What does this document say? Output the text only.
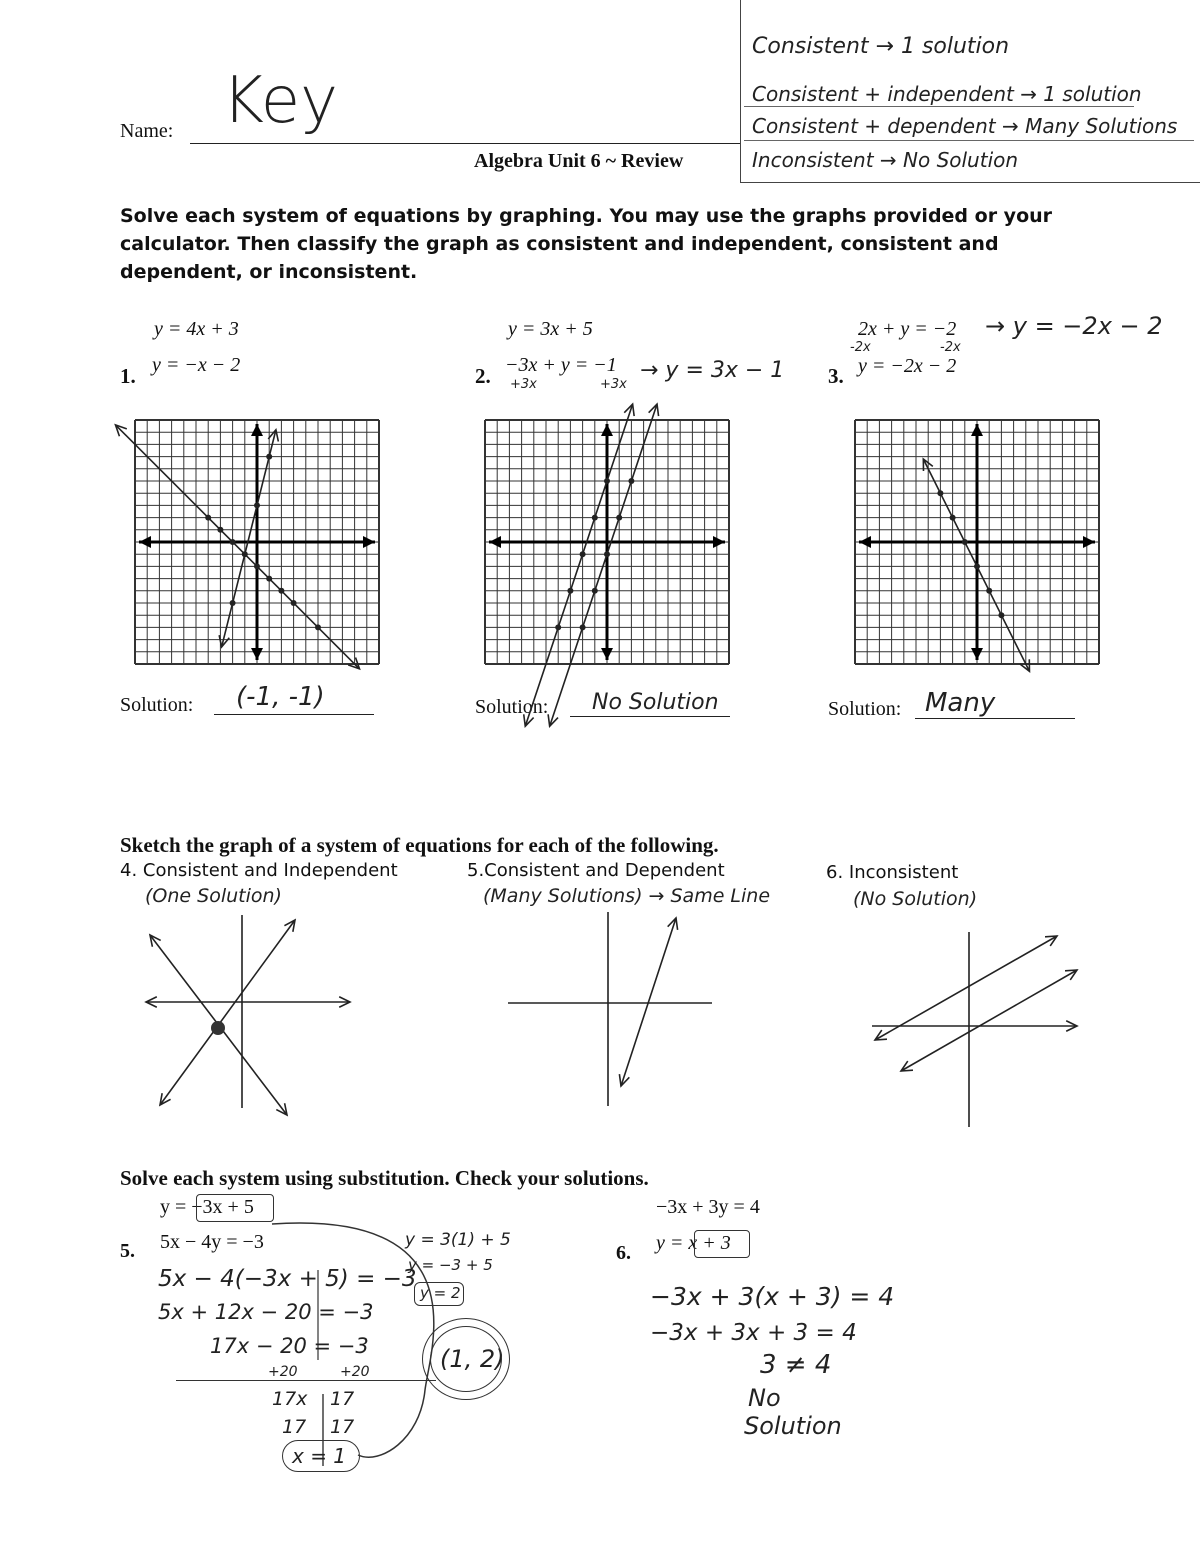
Name: Key
Algebra Unit 6 ~ Review
Consistent → 1 solution
Consistent + independent → 1 solution
Consistent + dependent → Many Solutions
Inconsistent → No Solution
Solve each system of equations by graphing. You may use the graphs provided or your
calculator. Then classify the graph as consistent and independent, consistent and
dependent, or inconsistent.
y = 4x + 3
1. y = −x − 2
y = 3x + 5
2. −3x + y = −1 → y = 3x − 1
+3x	+3x
2x + y = −2 → y = −2x − 2
-2x	-2x
3. y = −2x − 2
Solution: (-1, -1)	Solution: No Solution	Solution: Many
Sketch the graph of a system of equations for each of the following.
4. Consistent and Independent
(One Solution)
5.Consistent and Dependent
(Many Solutions) → Same Line
6. Inconsistent
(No Solution)
Solve each system using substitution. Check your solutions.
y = −3x + 5
5. 5x − 4y = −3
5x − 4(−3x + 5) = −3
5x + 12x − 20 = −3
17x − 20 = −3
+20	+20
17x 17
17 17
x = 1
y = 3(1) + 5
y = −3 + 5
y = 2
(1, 2)
−3x + 3y = 4
6. y = x + 3
−3x + 3(x + 3) = 4
−3x + 3x + 3 = 4
3 ≠ 4
No
Solution
